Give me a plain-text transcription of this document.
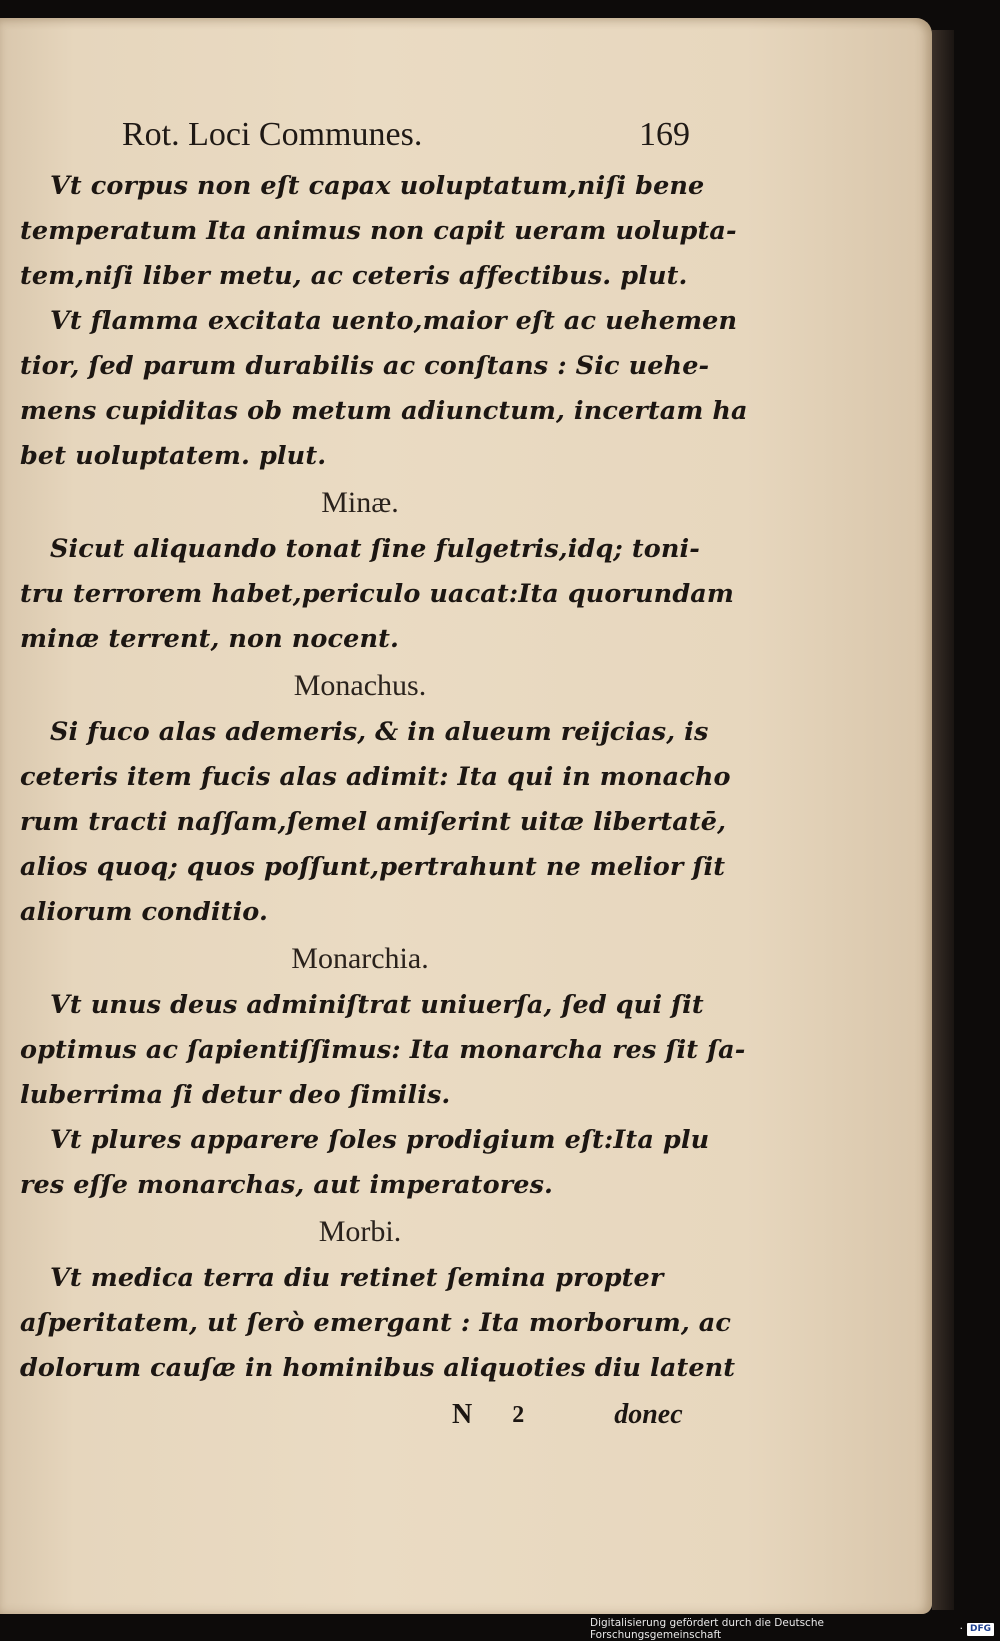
Rot. Loci Communes.	169
Vt corpus non eſt capax uoluptatum,niſi bene
temperatum Ita animus non capit ueram uolupta-
tem,niſi liber metu, ac ceteris affectibus. plut.
Vt flamma excitata uento,maior eſt ac uehemen
tior, ſed parum durabilis ac conſtans : Sic uehe-
mens cupiditas ob metum adiunctum, incertam ha
bet uoluptatem. plut.
Minæ.
Sicut aliquando tonat ſine fulgetris,idq; toni-
tru terrorem habet,periculo uacat:Ita quorundam
minæ terrent, non nocent.
Monachus.
Si fuco alas ademeris, & in alueum reijcias, is
ceteris item fucis alas adimit: Ita qui in monacho
rum tracti naſſam,ſemel amiſerint uitæ libertatē,
alios quoq; quos poſſunt,pertrahunt ne melior ſit
aliorum conditio.
Monarchia.
Vt unus deus adminiſtrat uniuerſa, ſed qui ſit
optimus ac ſapientiſſimus: Ita monarcha res ſit ſa-
luberrima ſi detur deo ſimilis.
Vt plures apparere ſoles prodigium eſt:Ita plu
res eſſe monarchas, aut imperatores.
Morbi.
Vt medica terra diu retinet ſemina propter
aſperitatem, ut ſerò emergant : Ita morborum, ac
dolorum cauſæ in hominibus aliquoties diu latent
N 2	donec
Digitalisierung gefördert durch die Deutsche Forschungsgemeinschaft	· DFG
